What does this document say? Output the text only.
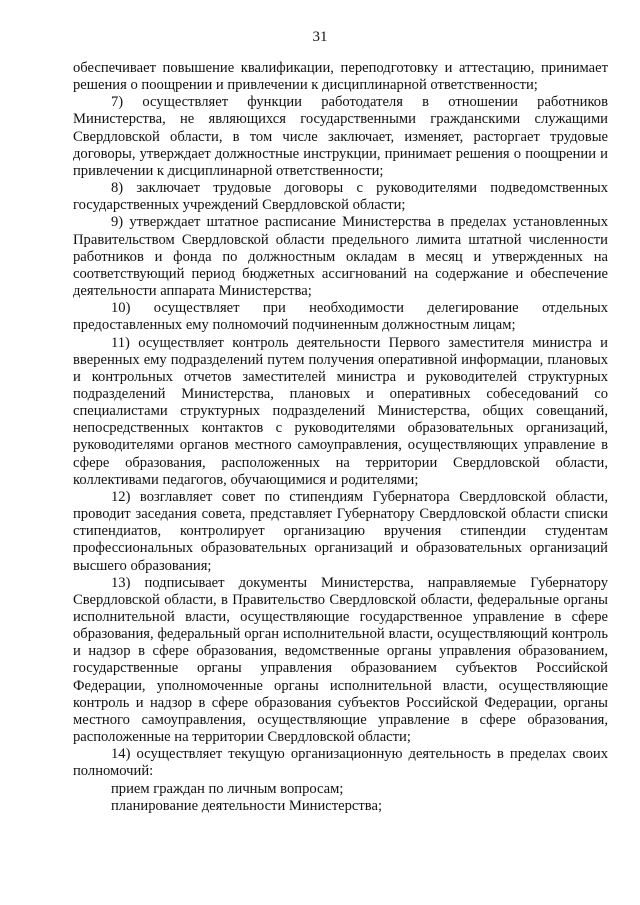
31

обеспечивает повышение квалификации, переподготовку и аттестацию, принимает решения о поощрении и привлечении к дисциплинарной ответственности;

7) осуществляет функции работодателя в отношении работников Министерства, не являющихся государственными гражданскими служащими Свердловской области, в том числе заключает, изменяет, расторгает трудовые договоры, утверждает должностные инструкции, принимает решения о поощрении и привлечении к дисциплинарной ответственности;

8) заключает трудовые договоры с руководителями подведомственных государственных учреждений Свердловской области;

9) утверждает штатное расписание Министерства в пределах установленных Правительством Свердловской области предельного лимита штатной численности работников и фонда по должностным окладам в месяц и утвержденных на соответствующий период бюджетных ассигнований на содержание и обеспечение деятельности аппарата Министерства;

10) осуществляет при необходимости делегирование отдельных предоставленных ему полномочий подчиненным должностным лицам;

11) осуществляет контроль деятельности Первого заместителя министра и вверенных ему подразделений путем получения оперативной информации, плановых и контрольных отчетов заместителей министра и руководителей структурных подразделений Министерства, плановых и оперативных собеседований со специалистами структурных подразделений Министерства, общих совещаний, непосредственных контактов с руководителями образовательных организаций, руководителями органов местного самоуправления, осуществляющих управление в сфере образования, расположенных на территории Свердловской области, коллективами педагогов, обучающимися и родителями;

12) возглавляет совет по стипендиям Губернатора Свердловской области, проводит заседания совета, представляет Губернатору Свердловской области списки стипендиатов, контролирует организацию вручения стипендии студентам профессиональных образовательных организаций и образовательных организаций высшего образования;

13) подписывает документы Министерства, направляемые Губернатору Свердловской области, в Правительство Свердловской области, федеральные органы исполнительной власти, осуществляющие государственное управление в сфере образования, федеральный орган исполнительной власти, осуществляющий контроль и надзор в сфере образования, ведомственные органы управления образованием, государственные органы управления образованием субъектов Российской Федерации, уполномоченные органы исполнительной власти, осуществляющие контроль и надзор в сфере образования субъектов Российской Федерации, органы местного самоуправления, осуществляющие управление в сфере образования, расположенные на территории Свердловской области;

14) осуществляет текущую организационную деятельность в пределах своих полномочий:

прием граждан по личным вопросам;

планирование деятельности Министерства;
